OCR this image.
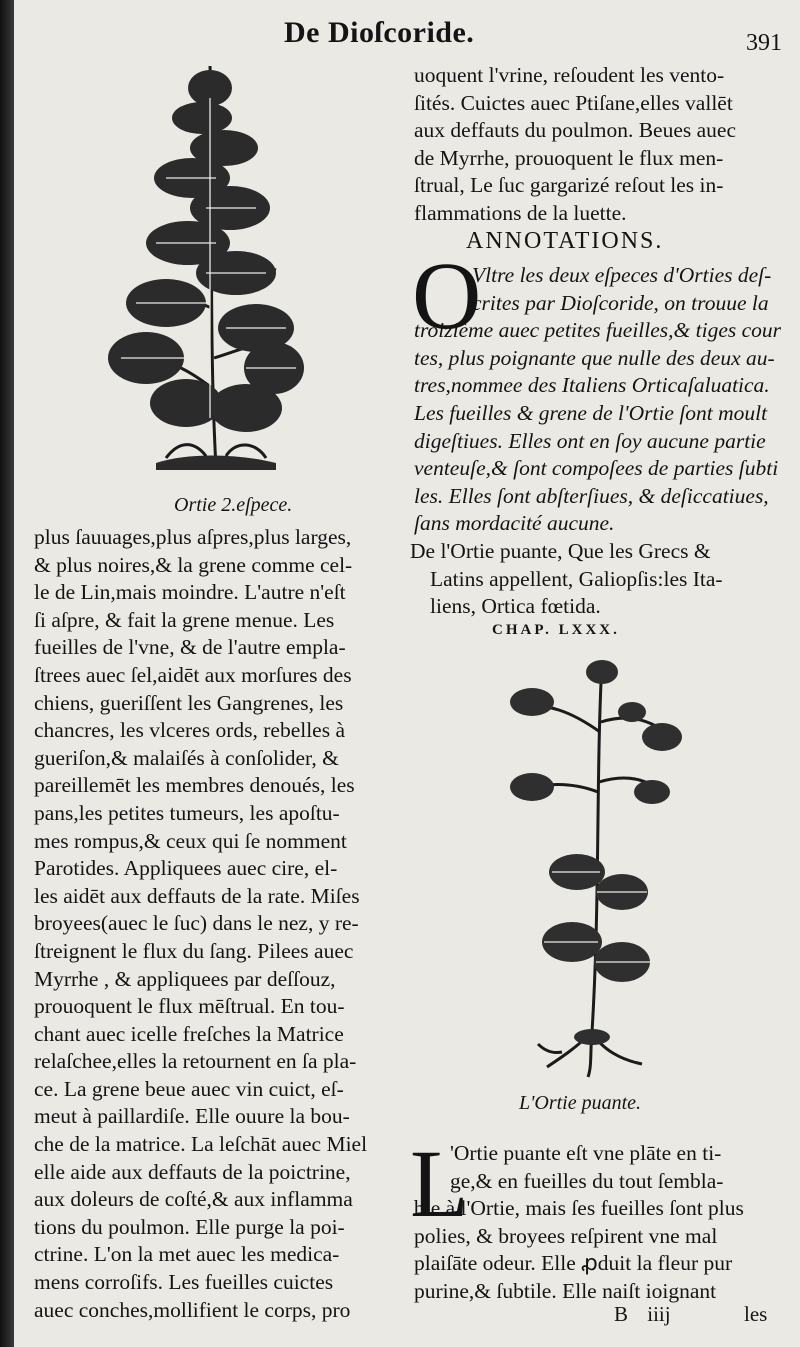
De Dioſcoride.	391
Ortie 2.eſpece.
plus ſauuages,plus aſpres,plus larges,
& plus noires,& la grene comme cel-
le de Lin,mais moindre. L'autre n'eſt
ſi aſpre, & fait la grene menue. Les
fueilles de l'vne, & de l'autre empla-
ſtrees auec ſel,aidēt aux morſures des
chiens, gueriſſent les Gangrenes, les
chancres, les vlceres ords, rebelles à
gueriſon,& malaiſés à conſolider, &
pareillemēt les membres denoués, les
pans,les petites tumeurs, les apoſtu-
mes rompus,& ceux qui ſe nomment
Parotides. Appliquees auec cire, el-
les aidēt aux deffauts de la rate. Miſes
broyees(auec le ſuc) dans le nez, y re-
ſtreignent le flux du ſang. Pilees auec
Myrrhe , & appliquees par deſſouz,
prouoquent le flux mēſtrual. En tou-
chant auec icelle freſches la Matrice
relaſchee,elles la retournent en ſa pla-
ce. La grene beue auec vin cuict, eſ-
meut à paillardiſe. Elle ouure la bou-
che de la matrice. La leſchāt auec Miel
elle aide aux deffauts de la poictrine,
aux doleurs de coſté,& aux inflamma
tions du poulmon. Elle purge la poi-
ctrine. L'on la met auec les medica-
mens corroſifs. Les fueilles cuictes
auec conches,mollifient le corps, pro
uoquent l'vrine, reſoudent les vento-
ſités. Cuictes auec Ptiſane,elles vallēt
aux deffauts du poulmon. Beues auec
de Myrrhe, prouoquent le flux men-
ſtrual, Le ſuc gargarizé reſout les in-
flammations de la luette.
ANNOTATIONS.
O
Vltre les deux eſpeces d'Orties deſ-
crites par Dioſcoride, on trouue la
troizième auec petites fueilles,& tiges cour
tes, plus poignante que nulle des deux au-
tres,nommee des Italiens Orticaſaluatica.
Les fueilles & grene de l'Ortie ſont moult
digeſtiues. Elles ont en ſoy aucune partie
venteuſe,& ſont compoſees de parties ſubti
les. Elles ſont abſterſiues, & deſiccatiues,
ſans mordacité aucune.
De l'Ortie puante, Que les Grecs &
Latins appellent, Galiopſis:les Ita-
liens, Ortica fœtida.
CHAP. LXXX.
L'Ortie puante.
L
'Ortie puante eſt vne plāte en ti-
ge,& en fueilles du tout ſembla-
ble à l'Ortie, mais ſes fueilles ſont plus
polies, & broyees reſpirent vne mal
plaiſāte odeur. Elle ꝓduit la fleur pur
purine,& ſubtile. Elle naiſt ioignant
B iiij	les
